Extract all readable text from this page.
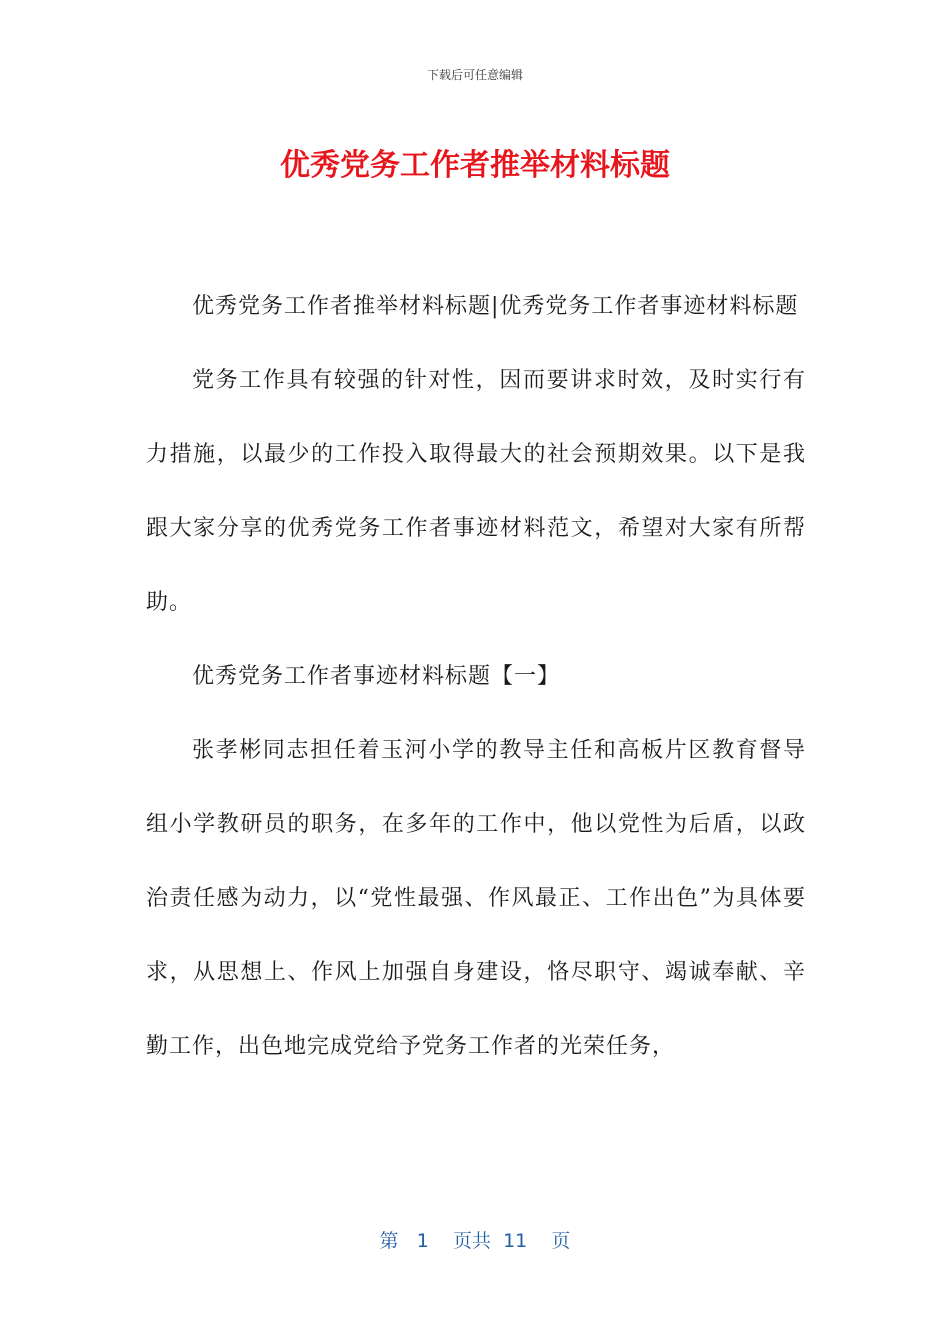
下载后可任意编辑
优秀党务工作者推举材料标题

优秀党务工作者推举材料标题|优秀党务工作者事迹材料标题

党务工作具有较强的针对性，因而要讲求时效，及时实行有力措施，以最少的工作投入取得最大的社会预期效果。以下是我跟大家分享的优秀党务工作者事迹材料范文，希望对大家有所帮助。

优秀党务工作者事迹材料标题【一】

张孝彬同志担任着玉河小学的教导主任和高板片区教育督导组小学教研员的职务，在多年的工作中，他以党性为后盾，以政治责任感为动力，以“党性最强、作风最正、工作出色”为具体要求，从思想上、作风上加强自身建设，恪尽职守、竭诚奉献、辛勤工作，出色地完成党给予党务工作者的光荣任务，

第 1 页共 11 页
